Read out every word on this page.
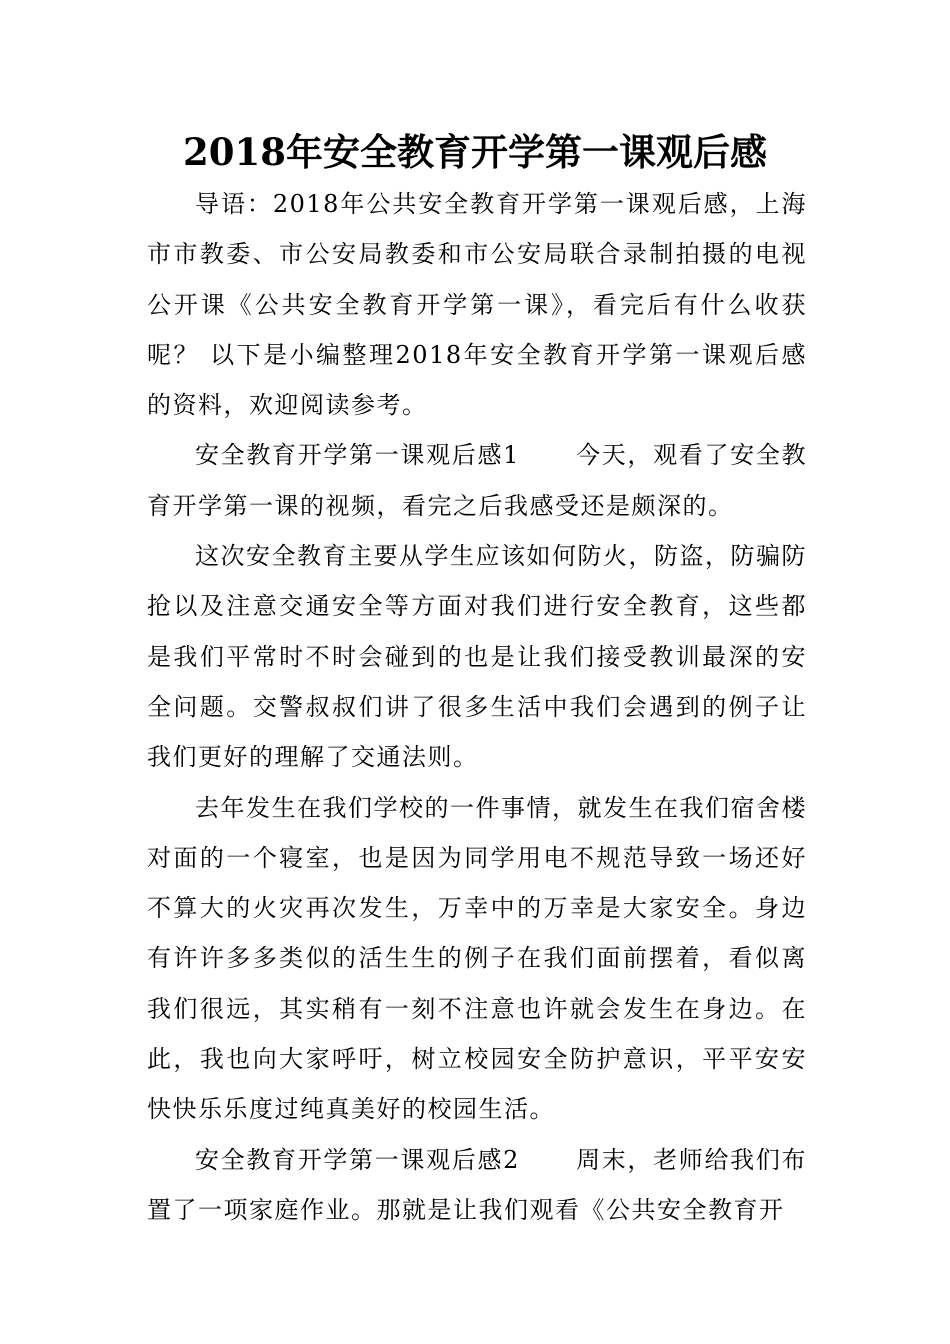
2018年安全教育开学第一课观后感

导语：2018年公共安全教育开学第一课观后感，上海市市教委、市公安局教委和市公安局联合录制拍摄的电视公开课《公共安全教育开学第一课》，看完后有什么收获呢？ 以下是小编整理2018年安全教育开学第一课观后感的资料，欢迎阅读参考。

安全教育开学第一课观后感1 今天，观看了安全教育开学第一课的视频，看完之后我感受还是颇深的。

这次安全教育主要从学生应该如何防火，防盗，防骗防抢以及注意交通安全等方面对我们进行安全教育，这些都是我们平常时不时会碰到的也是让我们接受教训最深的安全问题。交警叔叔们讲了很多生活中我们会遇到的例子让我们更好的理解了交通法则。

去年发生在我们学校的一件事情，就发生在我们宿舍楼对面的一个寝室，也是因为同学用电不规范导致一场还好不算大的火灾再次发生，万幸中的万幸是大家安全。身边有许许多多类似的活生生的例子在我们面前摆着，看似离我们很远，其实稍有一刻不注意也许就会发生在身边。在此，我也向大家呼吁，树立校园安全防护意识，平平安安快快乐乐度过纯真美好的校园生活。

安全教育开学第一课观后感2 周末，老师给我们布置了一项家庭作业。那就是让我们观看《公共安全教育开
